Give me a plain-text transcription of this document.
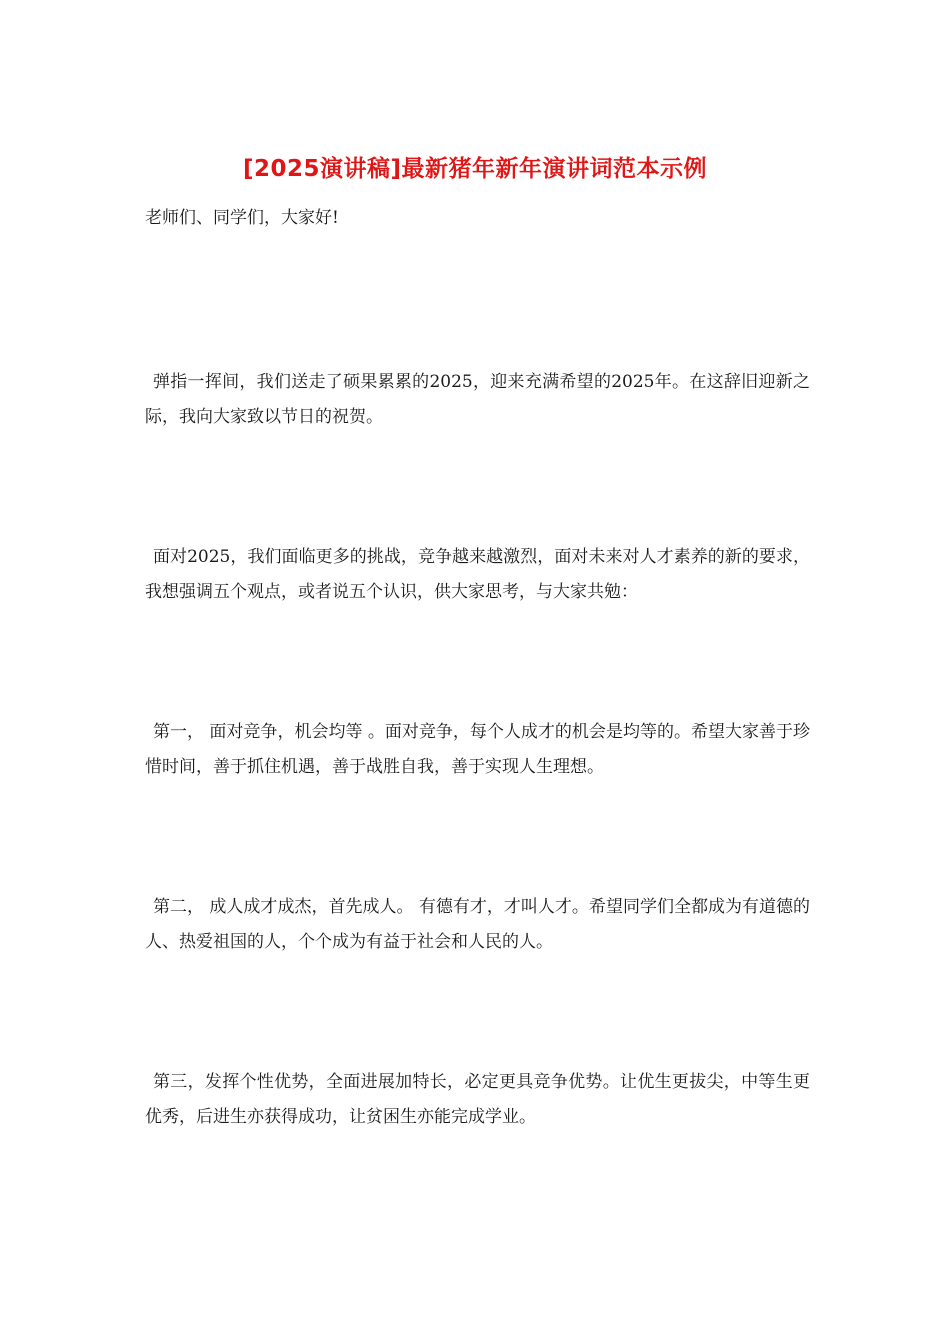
[2025演讲稿]最新猪年新年演讲词范本示例
老师们、同学们，大家好!

弹指一挥间，我们送走了硕果累累的2025，迎来充满希望的2025年。在这辞旧迎新之际，我向大家致以节日的祝贺。

面对2025，我们面临更多的挑战，竞争越来越激烈，面对未来对人才素养的新的要求，我想强调五个观点，或者说五个认识，供大家思考，与大家共勉：

第一， 面对竞争，机会均等 。面对竞争，每个人成才的机会是均等的。希望大家善于珍惜时间，善于抓住机遇，善于战胜自我，善于实现人生理想。

第二， 成人成才成杰，首先成人。 有德有才，才叫人才。希望同学们全都成为有道德的人、热爱祖国的人，个个成为有益于社会和人民的人。

第三，发挥个性优势，全面进展加特长，必定更具竞争优势。让优生更拔尖，中等生更优秀，后进生亦获得成功，让贫困生亦能完成学业。
